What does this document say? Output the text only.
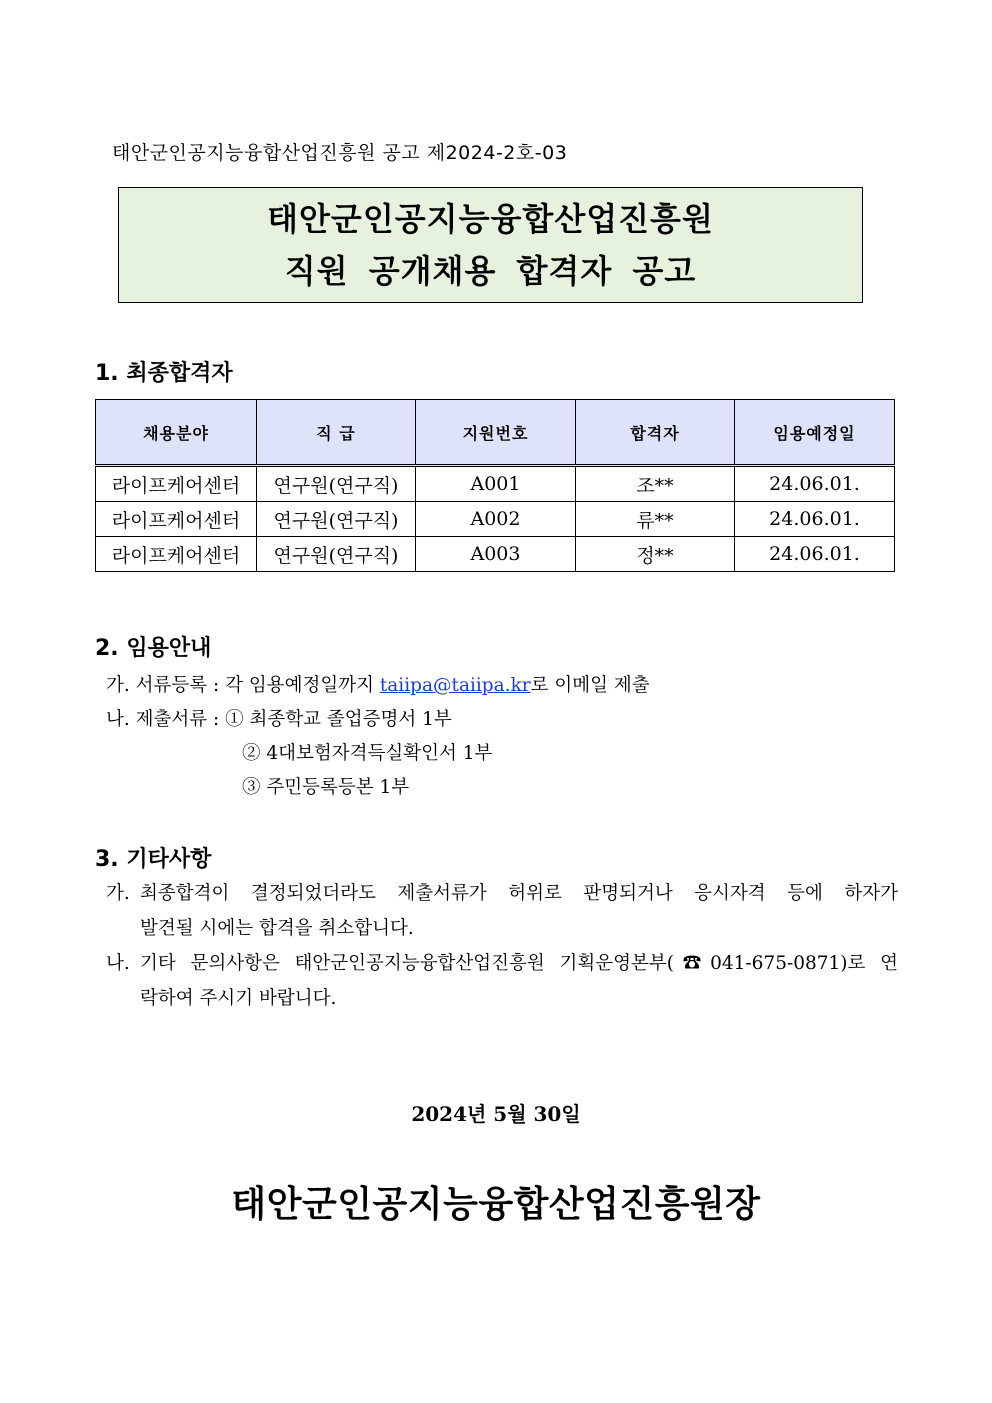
태안군인공지능융합산업진흥원 공고 제2024-2호-03
태안군인공지능융합산업진흥원
직원 공개채용 합격자 공고
1. 최종합격자
채용분야	직 급	지원번호	합격자	임용예정일
라이프케어센터	연구원(연구직)	A001	조**	24.06.01.
라이프케어센터	연구원(연구직)	A002	류**	24.06.01.
라이프케어센터	연구원(연구직)	A003	정**	24.06.01.
2. 임용안내
가. 서류등록 : 각 임용예정일까지 taiipa@taiipa.kr로 이메일 제출
나. 제출서류 : ① 최종학교 졸업증명서 1부
② 4대보험자격득실확인서 1부
③ 주민등록등본 1부
3. 기타사항
가. 최종합격이 결정되었더라도 제출서류가 허위로 판명되거나 응시자격 등에 하자가
발견될 시에는 합격을 취소합니다.
나. 기타 문의사항은 태안군인공지능융합산업진흥원 기획운영본부(☎041-675-0871)로 연
락하여 주시기 바랍니다.
2024년 5월 30일
태안군인공지능융합산업진흥원장
